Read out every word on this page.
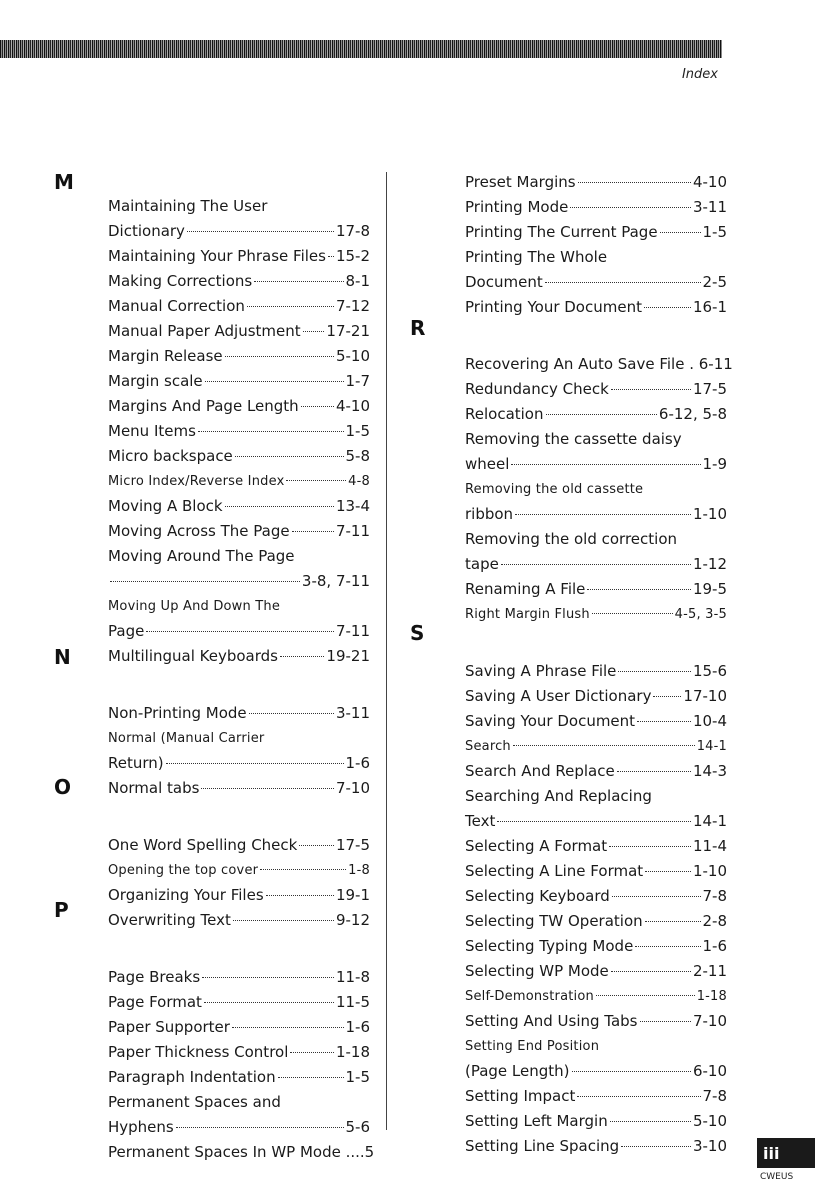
Index
M
N
O
P
R
S
Maintaining The User
Dictionary	17-8
Maintaining Your Phrase Files 15-2
Making Corrections	8-1
Manual Correction	7-12
Manual Paper Adjustment 17-21
Margin Release	5-10
Margin scale	1-7
Margins And Page Length 4-10
Menu Items	1-5
Micro backspace	5-8
Micro Index/Reverse Index	4-8
Moving A Block	13-4
Moving Across The Page	7-11
Moving Around The Page
3-8, 7-11
Moving Up And Down The
Page	7-11
Multilingual Keyboards	19-21
Non-Printing Mode	3-11
Normal (Manual Carrier
Return)	1-6
Normal tabs	7-10
One Word Spelling Check	17-5
Opening the top cover	1-8
Organizing Your Files	19-1
Overwriting Text	9-12
Page Breaks	11-8
Page Format	11-5
Paper Supporter	1-6
Paper Thickness Control	1-18
Paragraph Indentation	1-5
Permanent Spaces and
Hyphens	5-6
Permanent Spaces In WP Mode ....5
Preset Margins	4-10
Printing Mode	3-11
Printing The Current Page	1-5
Printing The Whole
Document	2-5
Printing Your Document	16-1
Recovering An Auto Save File . 6-11
Redundancy Check	17-5
Relocation	6-12, 5-8
Removing the cassette daisy
wheel	1-9
Removing the old cassette
ribbon	1-10
Removing the old correction
tape	1-12
Renaming A File	19-5
Right Margin Flush	4-5, 3-5
Saving A Phrase File	15-6
Saving A User Dictionary 17-10
Saving Your Document	10-4
Search	14-1
Search And Replace	14-3
Searching And Replacing
Text	14-1
Selecting A Format	11-4
Selecting A Line Format	1-10
Selecting Keyboard	7-8
Selecting TW Operation	2-8
Selecting Typing Mode	1-6
Selecting WP Mode	2-11
Self-Demonstration	1-18
Setting And Using Tabs	7-10
Setting End Position
(Page Length)	6-10
Setting Impact	7-8
Setting Left Margin	5-10
Setting Line Spacing	3-10	iii
CWEUS
